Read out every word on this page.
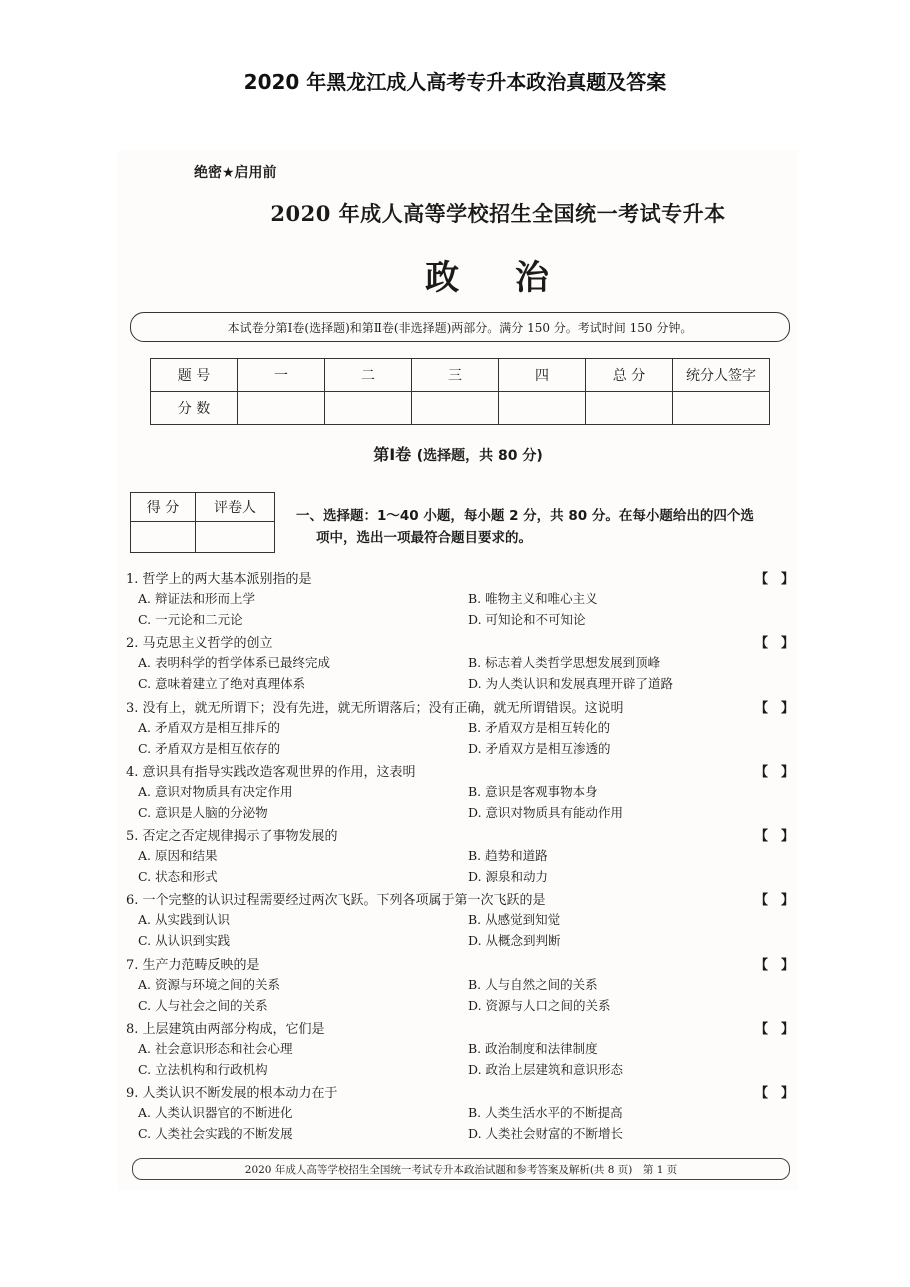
2020 年黑龙江成人高考专升本政治真题及答案
绝密★启用前
2020 年成人高等学校招生全国统一考试专升本
政 治
本试卷分第Ⅰ卷(选择题)和第Ⅱ卷(非选择题)两部分。满分 150 分。考试时间 150 分钟。
题 号	一	二	三	四	总 分	统分人签字
分 数						
第Ⅰ卷 (选择题，共 80 分)
得 分	评卷人
		一、选择题：1～40 小题，每小题 2 分，共 80 分。在每小题给出的四个选
项中，选出一项最符合题目要求的。
1. 哲学上的两大基本派别指的是	【　】
A. 辩证法和形而上学	B. 唯物主义和唯心主义
C. 一元论和二元论	D. 可知论和不可知论
2. 马克思主义哲学的创立	【　】
A. 表明科学的哲学体系已最终完成	B. 标志着人类哲学思想发展到顶峰
C. 意味着建立了绝对真理体系	D. 为人类认识和发展真理开辟了道路
3. 没有上，就无所谓下；没有先进，就无所谓落后；没有正确，就无所谓错误。这说明	【　】
A. 矛盾双方是相互排斥的	B. 矛盾双方是相互转化的
C. 矛盾双方是相互依存的	D. 矛盾双方是相互渗透的
4. 意识具有指导实践改造客观世界的作用，这表明	【　】
A. 意识对物质具有决定作用	B. 意识是客观事物本身
C. 意识是人脑的分泌物	D. 意识对物质具有能动作用
5. 否定之否定规律揭示了事物发展的	【　】
A. 原因和结果	B. 趋势和道路
C. 状态和形式	D. 源泉和动力
6. 一个完整的认识过程需要经过两次飞跃。下列各项属于第一次飞跃的是	【　】
A. 从实践到认识	B. 从感觉到知觉
C. 从认识到实践	D. 从概念到判断
7. 生产力范畴反映的是	【　】
A. 资源与环境之间的关系	B. 人与自然之间的关系
C. 人与社会之间的关系	D. 资源与人口之间的关系
8. 上层建筑由两部分构成，它们是	【　】
A. 社会意识形态和社会心理	B. 政治制度和法律制度
C. 立法机构和行政机构	D. 政治上层建筑和意识形态
9. 人类认识不断发展的根本动力在于	【　】
A. 人类认识器官的不断进化	B. 人类生活水平的不断提高
C. 人类社会实践的不断发展	D. 人类社会财富的不断增长
2020 年成人高等学校招生全国统一考试专升本政治试题和参考答案及解析(共 8 页)　第 1 页
